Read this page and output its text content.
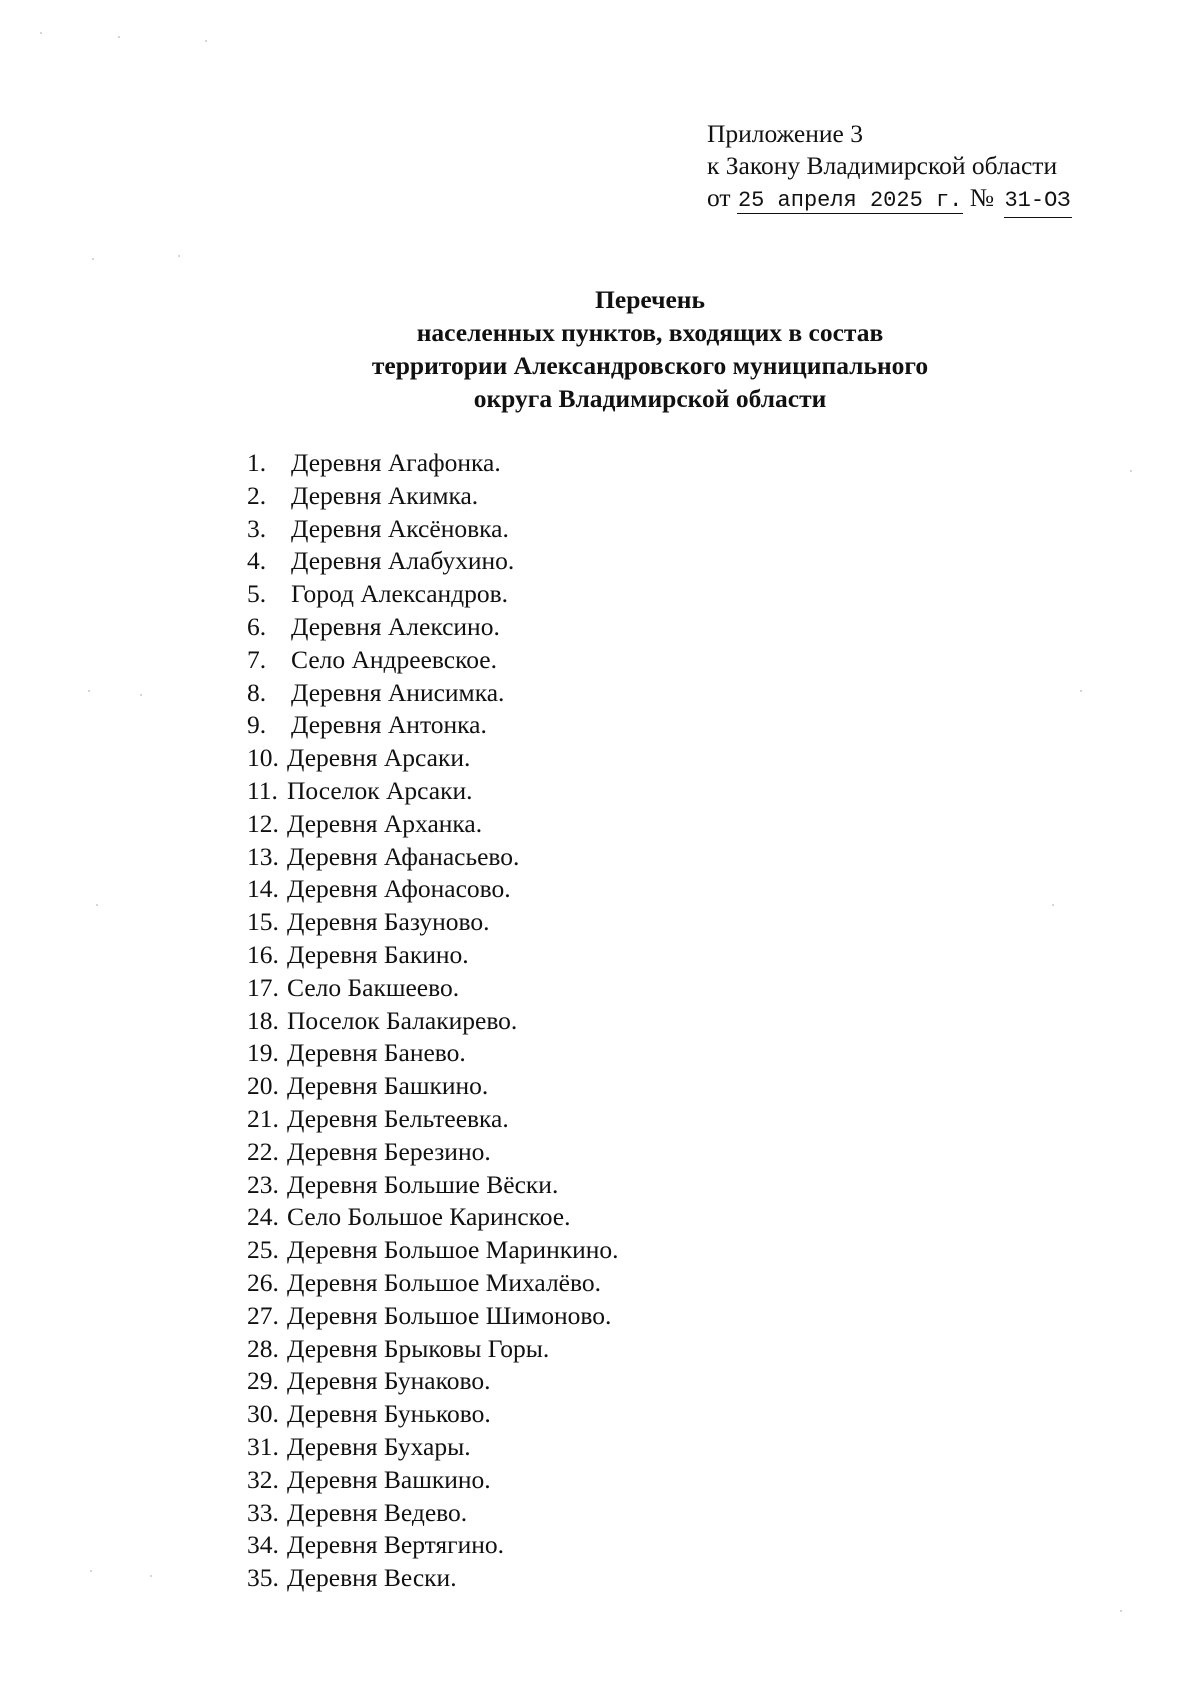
Приложение 3
к Закону Владимирской области
от 25 апреля 2025 г. № 31-ОЗ
Перечень
населенных пунктов, входящих в состав
территории Александровского муниципального
округа Владимирской области
1. Деревня Агафонка.
2. Деревня Акимка.
3. Деревня Аксёновка.
4. Деревня Алабухино.
5. Город Александров.
6. Деревня Алексино.
7. Село Андреевское.
8. Деревня Анисимка.
9. Деревня Антонка.
10. Деревня Арсаки.
11. Поселок Арсаки.
12. Деревня Арханка.
13. Деревня Афанасьево.
14. Деревня Афонасово.
15. Деревня Базуново.
16. Деревня Бакино.
17. Село Бакшеево.
18. Поселок Балакирево.
19. Деревня Банево.
20. Деревня Башкино.
21. Деревня Бельтеевка.
22. Деревня Березино.
23. Деревня Большие Вёски.
24. Село Большое Каринское.
25. Деревня Большое Маринкино.
26. Деревня Большое Михалёво.
27. Деревня Большое Шимоново.
28. Деревня Брыковы Горы.
29. Деревня Бунаково.
30. Деревня Буньково.
31. Деревня Бухары.
32. Деревня Вашкино.
33. Деревня Ведево.
34. Деревня Вертягино.
35. Деревня Вески.
